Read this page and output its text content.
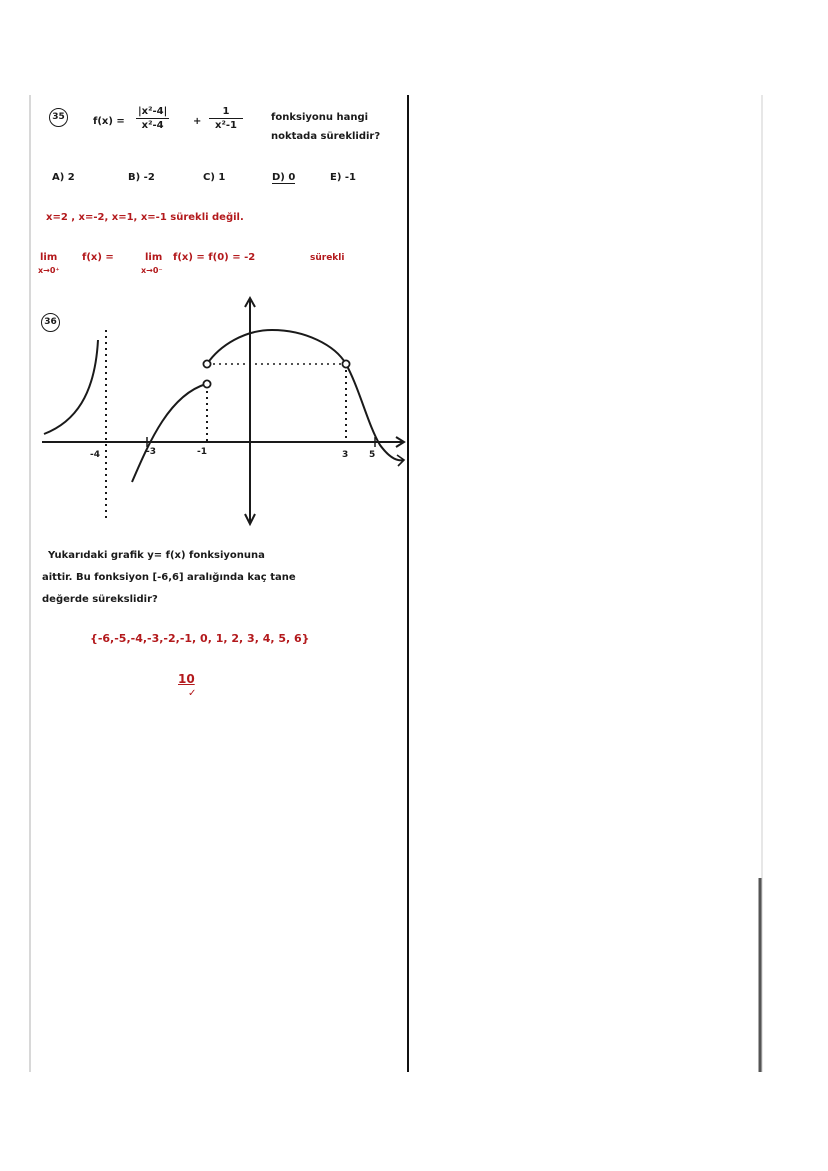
35	$f(x) = \frac{\text{|x²-4|}}{\text{x²-4}} + \frac{1}{\text{x²-1}}$	fonksiyonu hangi
noktada süreklidir?
A) 2	B) -2	C) 1	D) 0	E) -1
x=2 , x=-2, x=1, x=-1 sürekli değil.
lim
x→0⁺
f(x) =	lim
x→0⁻
f(x) = f(0) = -2	sürekli
36
-4	-3	-1	3 5
Yukarıdaki grafik y= f(x) fonksiyonuna
aittir. Bu fonksiyon [-6,6] aralığında kaç tane
değerde sürekslidir?
{-6,-5,-4,-3,-2,-1, 0, 1, 2, 3, 4, 5, 6}
10
✓
